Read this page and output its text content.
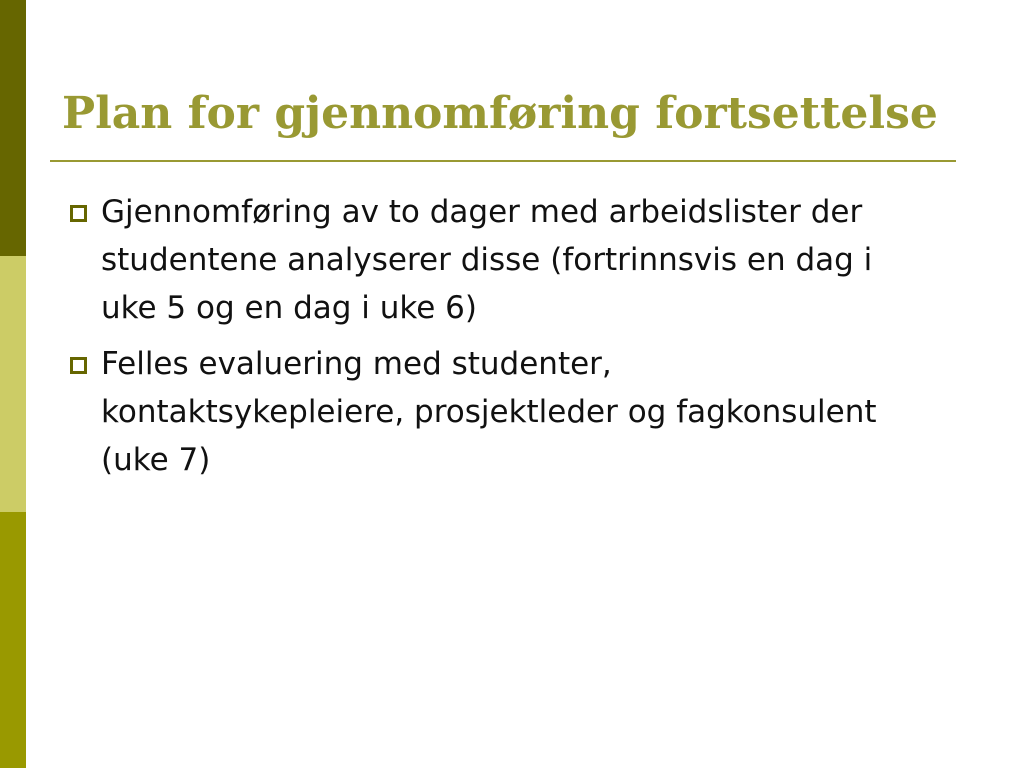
Plan for gjennomføring fortsettelse
Gjennomføring av to dager med arbeidslister der studentene analyserer disse (fortrinnsvis en dag i uke 5 og en dag i uke 6)
Felles evaluering med studenter, kontaktsykepleiere, prosjektleder og fagkonsulent (uke 7)
